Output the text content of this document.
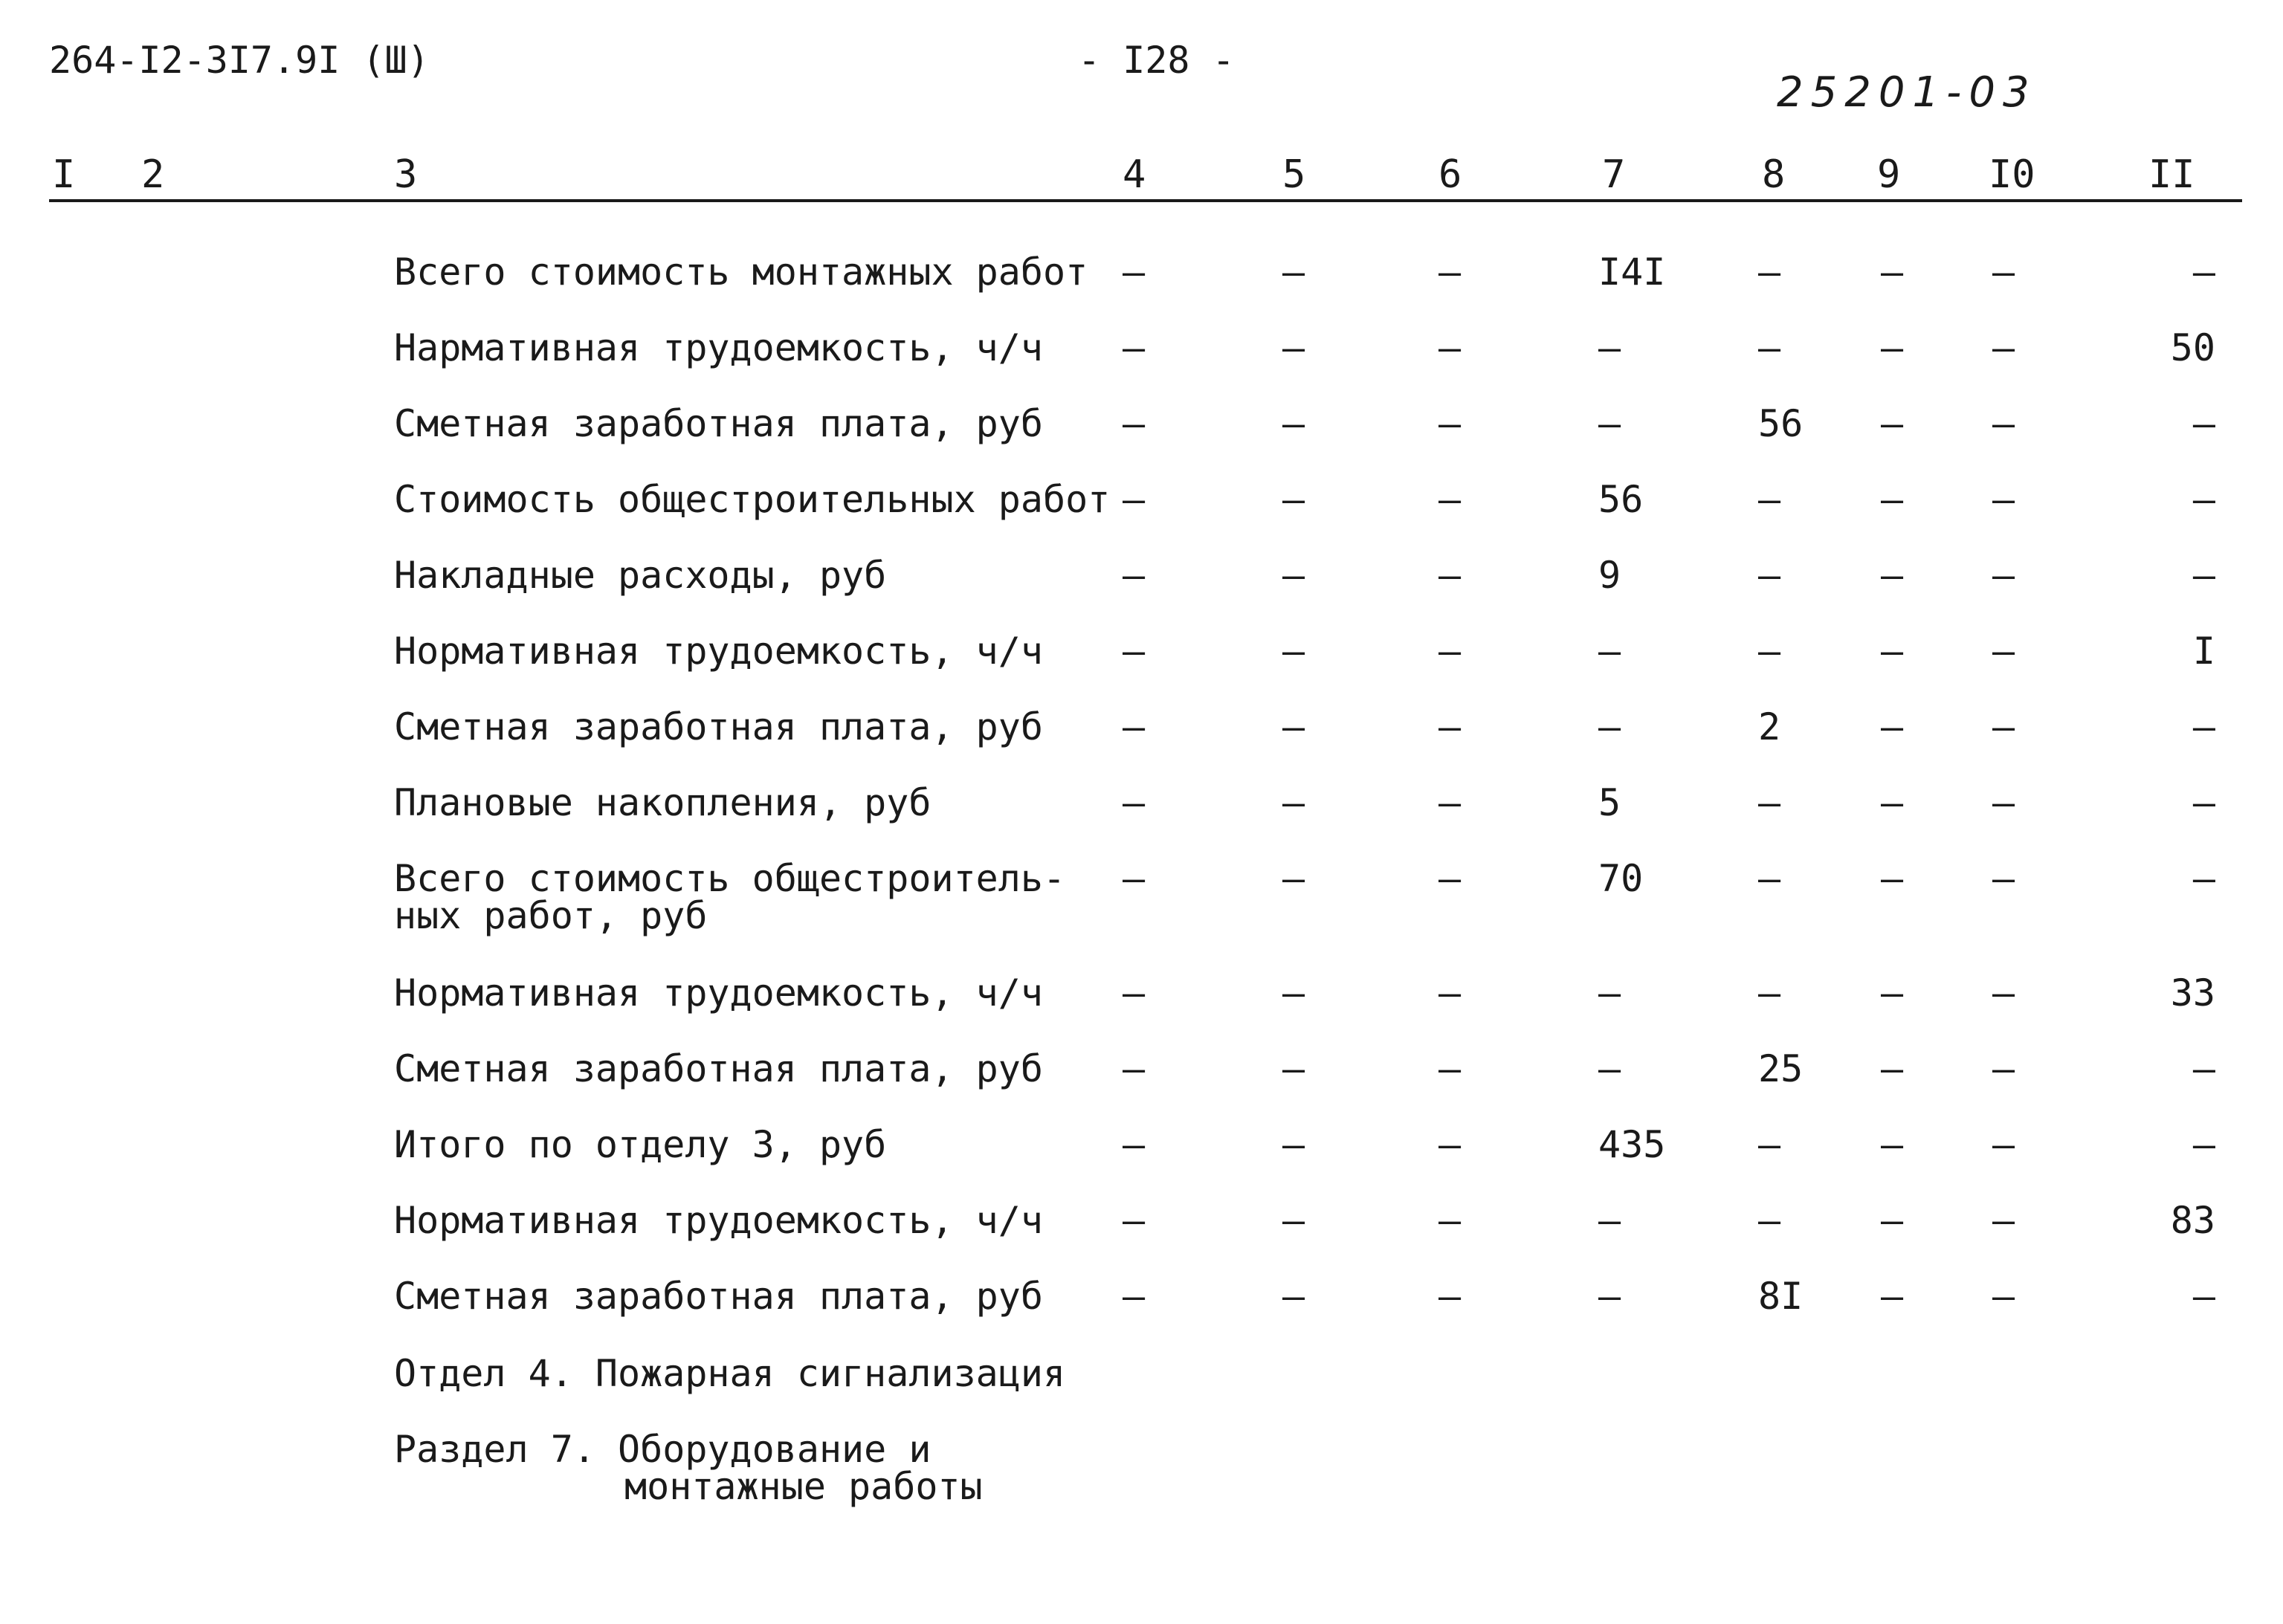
264-I2-3I7.9I (Ш)	- I28 -
25201-03
I 2	3	4	5	6	7	8 9 I0	II
Всего стоимость монтажных работ –	–	–	I4I	–	– –	–
Нармативная трудоемкость, ч/ч –	–	–	–	–	– –	50
Сметная заработная плата, руб –	–	–	–	56	– –	–
Стоимость общестроительных работ –	–	–	56	–	– –	–
Накладные расходы, руб	–	–	–	9	–	– –	–
Нормативная трудоемкость, ч/ч –	–	–	–	–	– –	I
Сметная заработная плата, руб –	–	–	–	2	– –	–
Плановые накопления, руб	–	–	–	5	–	– –	–
Всего стоимость общестроитель-
ных работ, руб
–	–	–	70	–	– –	–
Нормативная трудоемкость, ч/ч –	–	–	–	–	– –	33
Сметная заработная плата, руб –	–	–	–	25	– –	–
Итого по отделу 3, руб	–	–	–	435	–	– –	–
Нормативная трудоемкость, ч/ч –	–	–	–	–	– –	83
Сметная заработная плата, руб –	–	–	–	8I	– –	–
Отдел 4. Пожарная сигнализация
Раздел 7. Оборудование и
монтажные работы
